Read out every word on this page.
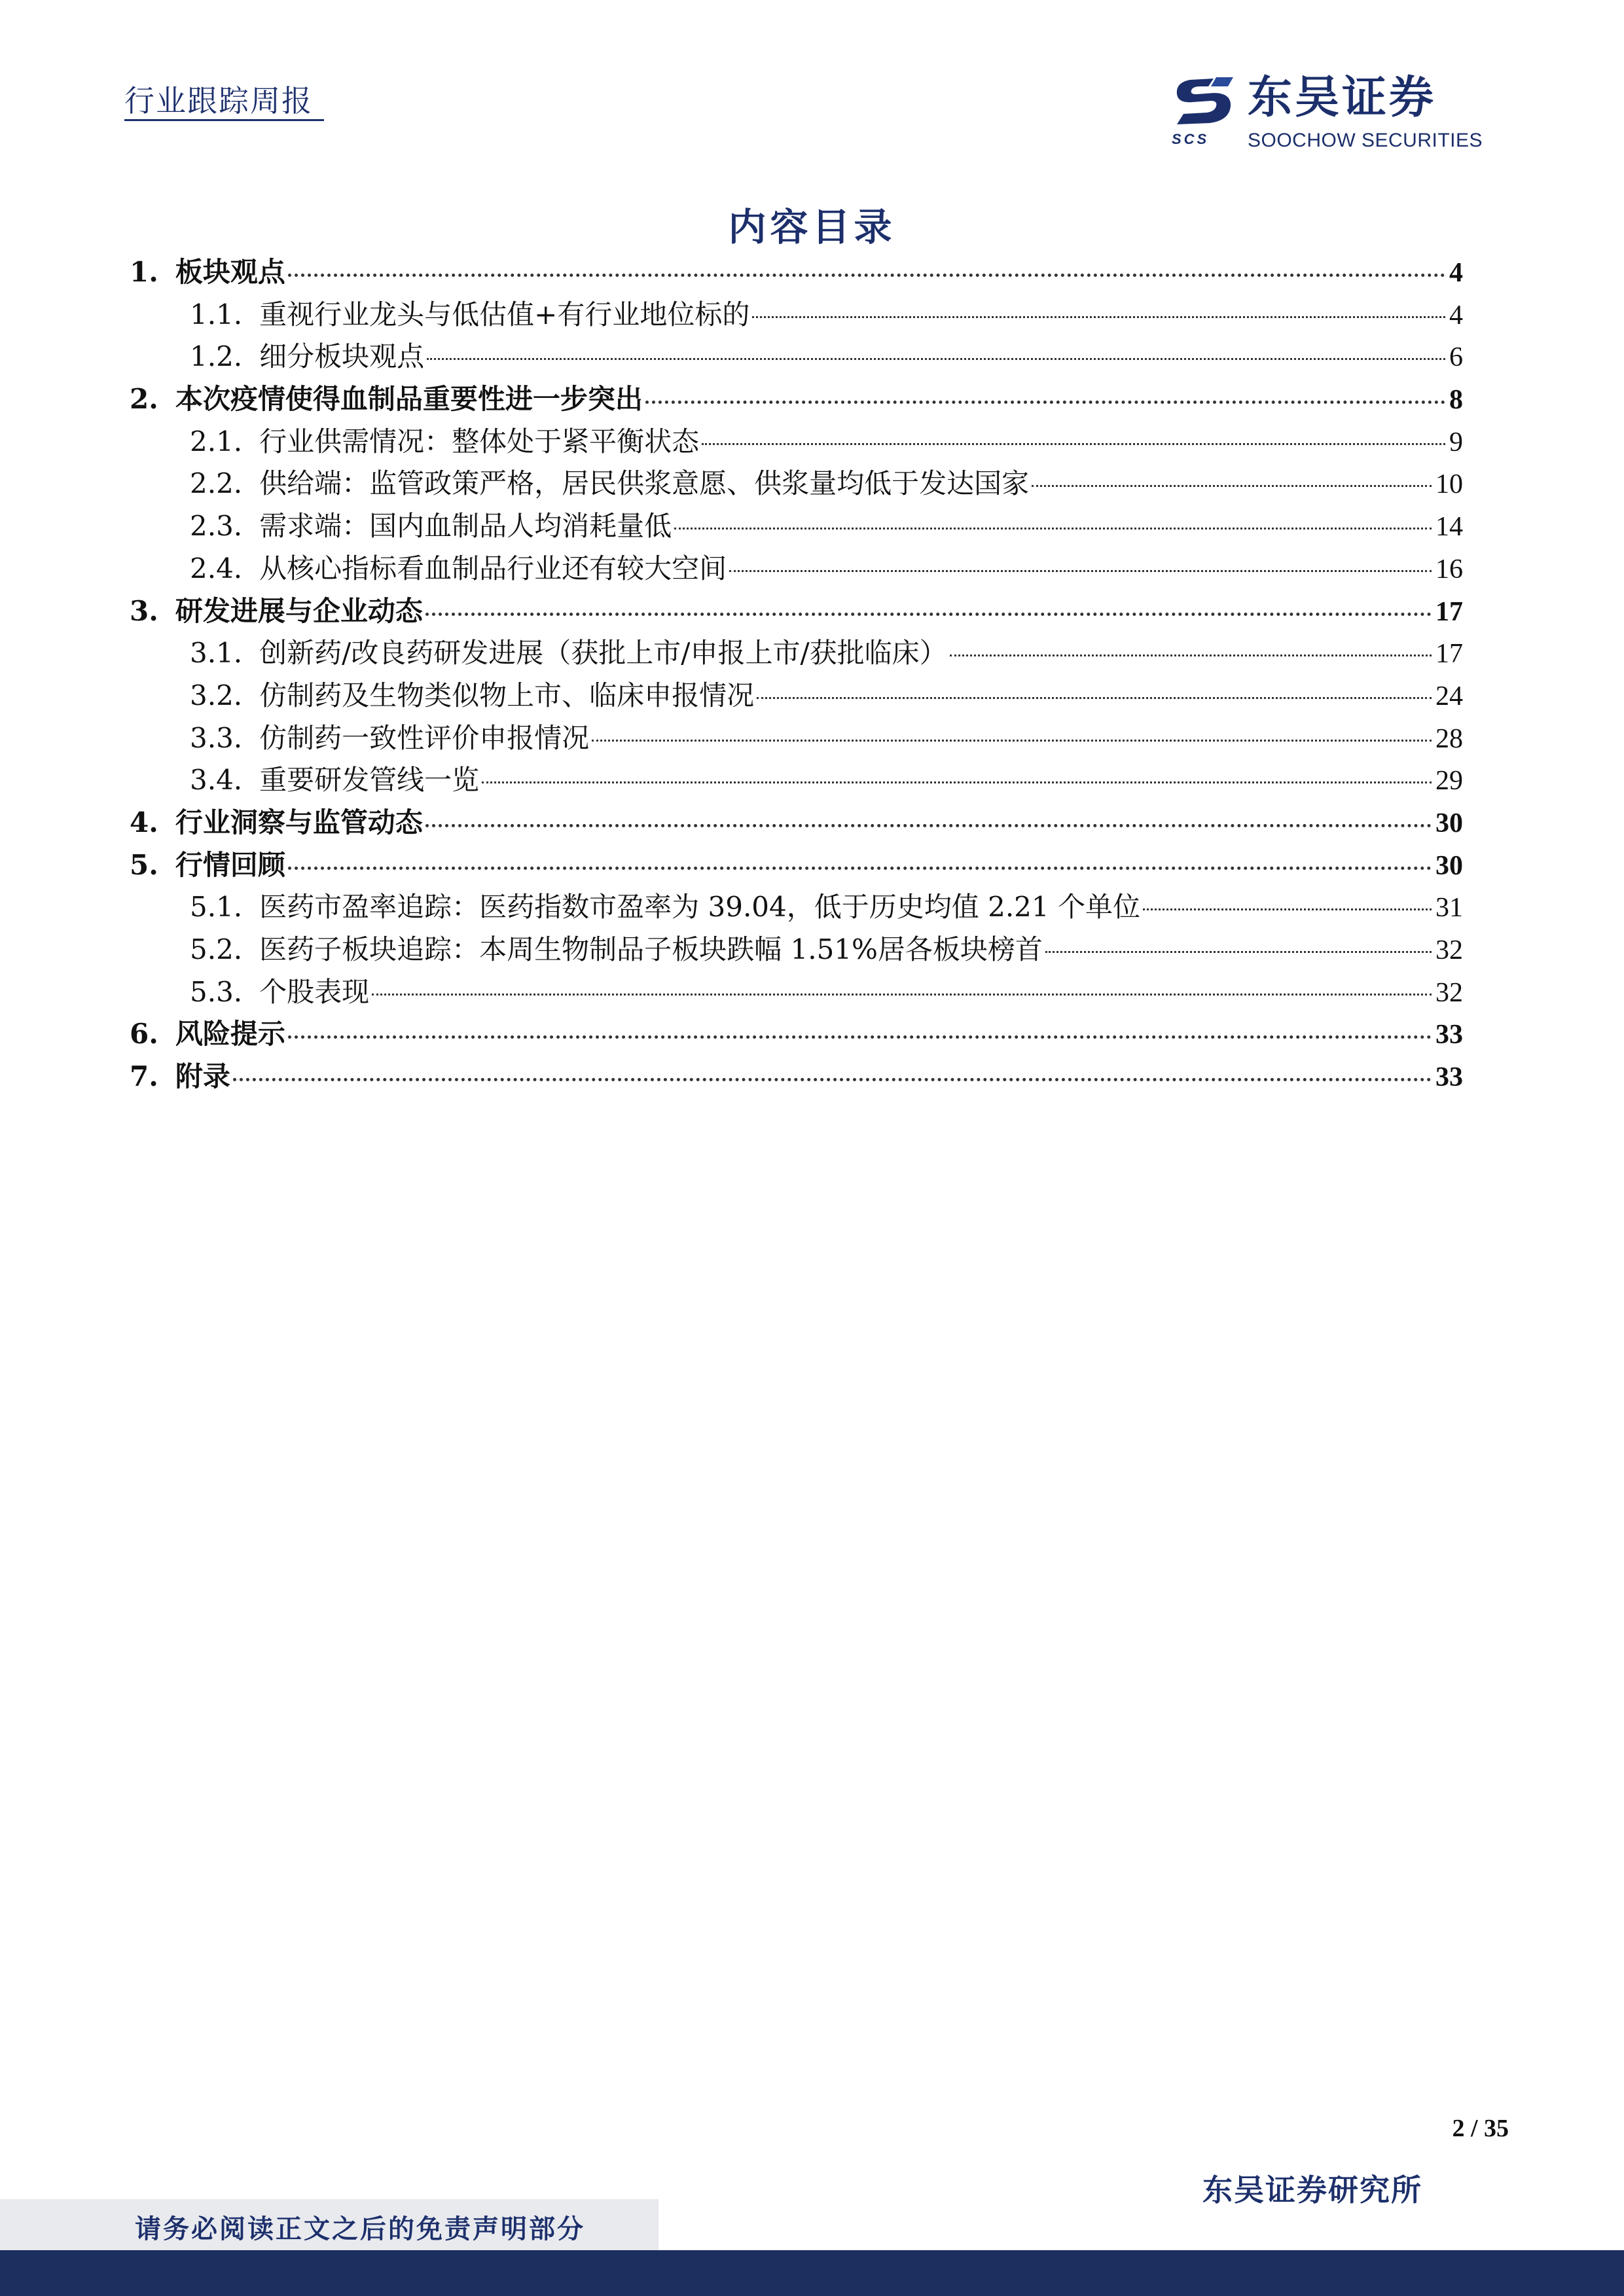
行业跟踪周报	东吴证券
SCS SOOCHOW SECURITIES
内容目录
1. 板块观点	4
1.1. 重视行业龙头与低估值+有行业地位标的	4
1.2. 细分板块观点	6
2. 本次疫情使得血制品重要性进一步突出	8
2.1. 行业供需情况：整体处于紧平衡状态	9
2.2. 供给端：监管政策严格，居民供浆意愿、供浆量均低于发达国家	10
2.3. 需求端：国内血制品人均消耗量低	14
2.4. 从核心指标看血制品行业还有较大空间	16
3. 研发进展与企业动态	17
3.1. 创新药/改良药研发进展（获批上市/申报上市/获批临床）	17
3.2. 仿制药及生物类似物上市、临床申报情况	24
3.3. 仿制药一致性评价申报情况	28
3.4. 重要研发管线一览	29
4. 行业洞察与监管动态	30
5. 行情回顾	30
5.1. 医药市盈率追踪：医药指数市盈率为 39.04，低于历史均值 2.21 个单位	31
5.2. 医药子板块追踪：本周生物制品子板块跌幅 1.51%居各板块榜首	32
5.3. 个股表现	32
6. 风险提示	33
7. 附录	33
2 / 35
东吴证券研究所
请务必阅读正文之后的免责声明部分
